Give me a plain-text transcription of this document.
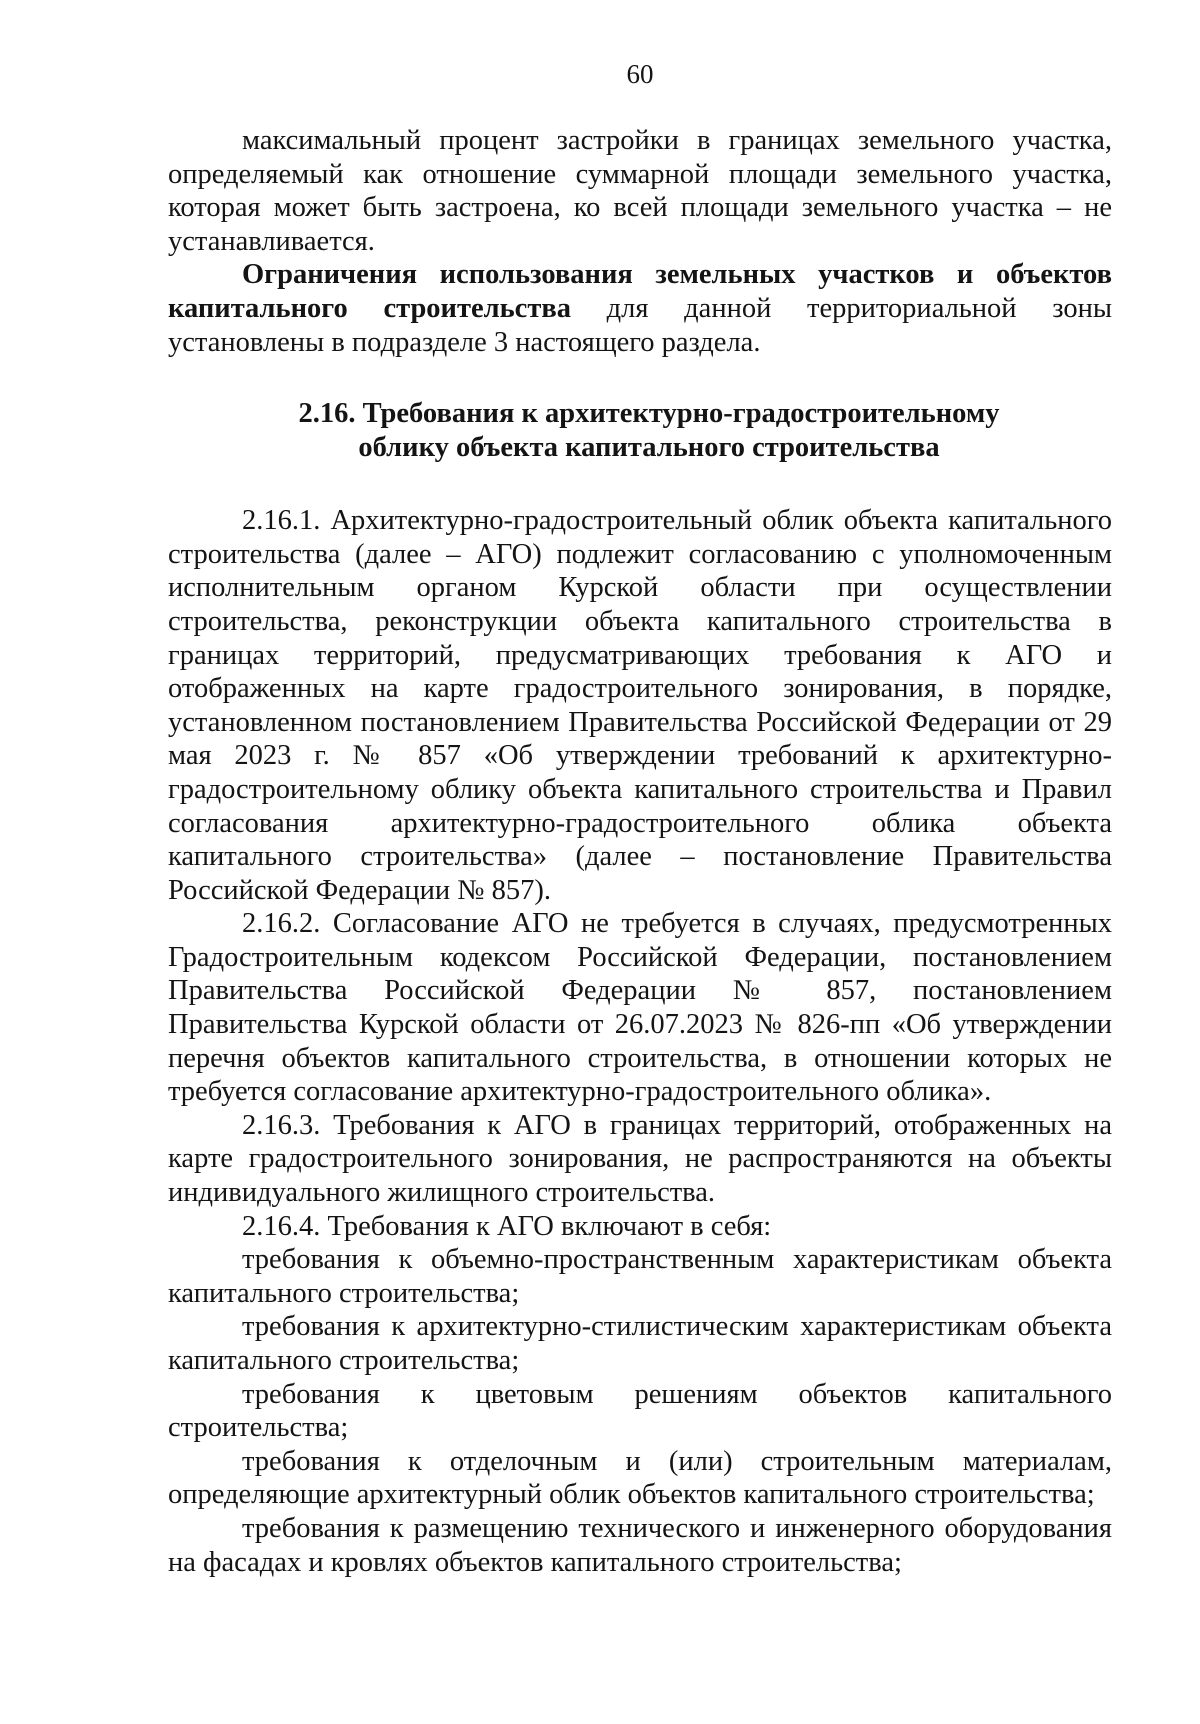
60

максимальный процент застройки в границах земельного участка, определяемый как отношение суммарной площади земельного участка, которая может быть застроена, ко всей площади земельного участка – не устанавливается.

Ограничения использования земельных участков и объектов капитального строительства для данной территориальной зоны установлены в подразделе 3 настоящего раздела.

2.16. Требования к архитектурно-градостроительному
облику объекта капитального строительства

2.16.1. Архитектурно-градостроительный облик объекта капитального строительства (далее – АГО) подлежит согласованию с уполномоченным исполнительным органом Курской области при осуществлении строительства, реконструкции объекта капитального строительства в границах территорий, предусматривающих требования к АГО и отображенных на карте градостроительного зонирования, в порядке, установленном постановлением Правительства Российской Федерации от 29 мая 2023 г. № 857 «Об утверждении требований к архитектурно-градостроительному облику объекта капитального строительства и Правил согласования архитектурно-градостроительного облика объекта капитального строительства» (далее – постановление Правительства Российской Федерации № 857).

2.16.2. Согласование АГО не требуется в случаях, предусмотренных Градостроительным кодексом Российской Федерации, постановлением Правительства Российской Федерации № 857, постановлением Правительства Курской области от 26.07.2023 № 826-пп «Об утверждении перечня объектов капитального строительства, в отношении которых не требуется согласование архитектурно-градостроительного облика».

2.16.3. Требования к АГО в границах территорий, отображенных на карте градостроительного зонирования, не распространяются на объекты индивидуального жилищного строительства.

2.16.4. Требования к АГО включают в себя:

требования к объемно-пространственным характеристикам объекта капитального строительства;

требования к архитектурно-стилистическим характеристикам объекта капитального строительства;

требования к цветовым решениям объектов капитального строительства;

требования к отделочным и (или) строительным материалам, определяющие архитектурный облик объектов капитального строительства;

требования к размещению технического и инженерного оборудования на фасадах и кровлях объектов капитального строительства;
